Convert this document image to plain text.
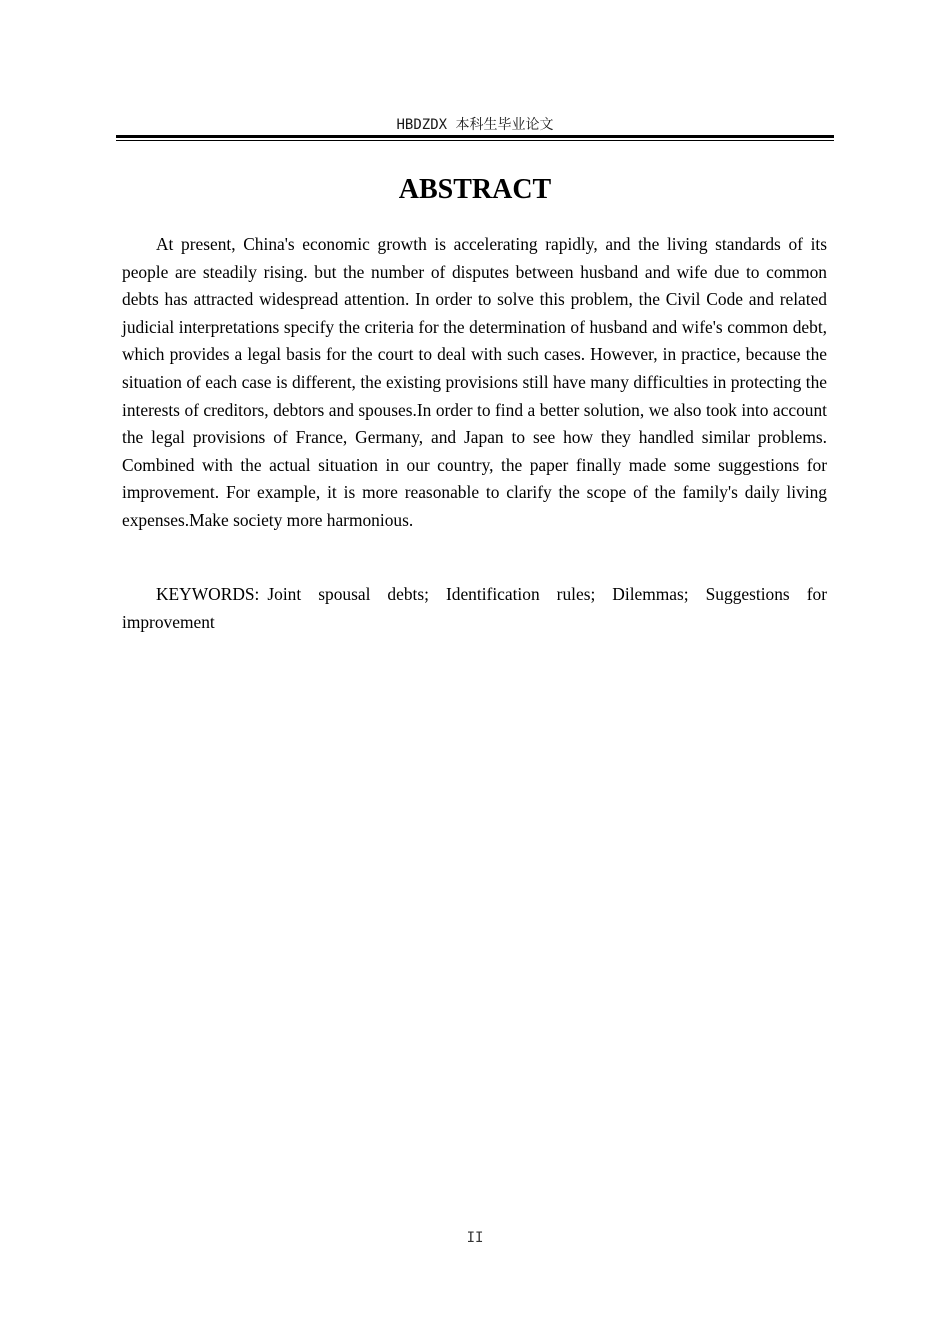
HBDZDX 本科生毕业论文
ABSTRACT

At present, China's economic growth is accelerating rapidly, and the living standards of its people are steadily rising. but the number of disputes between husband and wife due to common debts has attracted widespread attention. In order to solve this problem, the Civil Code and related judicial interpretations specify the criteria for the determination of husband and wife's common debt, which provides a legal basis for the court to deal with such cases. However, in practice, because the situation of each case is different, the existing provisions still have many difficulties in protecting the interests of creditors, debtors and spouses.In order to find a better solution, we also took into account the legal provisions of France, Germany, and Japan to see how they handled similar problems. Combined with the actual situation in our country, the paper finally made some suggestions for improvement. For example, it is more reasonable to clarify the scope of the family's daily living expenses.Make society more harmonious.

KEYWORDS: Joint spousal debts; Identification rules; Dilemmas; Suggestions for improvement

II
